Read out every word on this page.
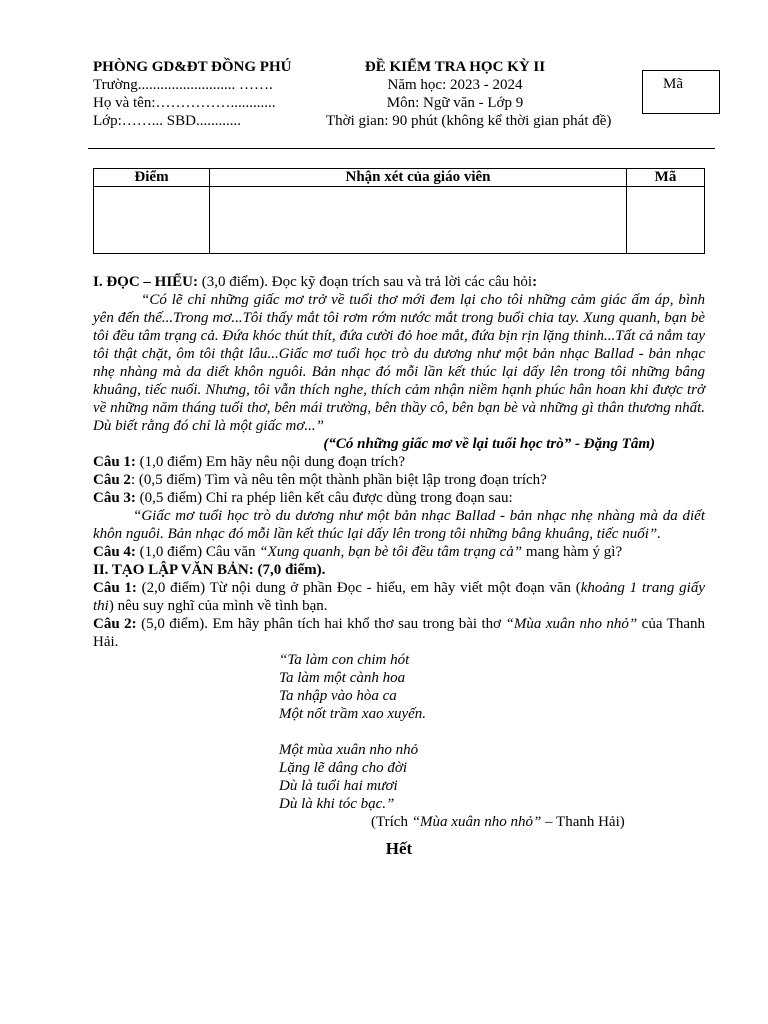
PHÒNG GD&ĐT ĐỒNG PHÚ
Trường.......................... …….
Họ và tên:……………............
Lớp:……... SBD............
ĐỀ KIỂM TRA HỌC KỲ II
Năm học: 2023 - 2024
Môn: Ngữ văn - Lớp 9
Thời gian: 90 phút (không kể thời gian phát đề)
Mã
Điểm	Nhận xét của giáo viên	Mã

I. ĐỌC – HIỂU: (3,0 điểm). Đọc kỹ đoạn trích sau và trả lời các câu hỏi:

“Có lẽ chỉ những giấc mơ trở về tuổi thơ mới đem lại cho tôi những cảm giác ấm áp, bình yên đến thế...Trong mơ...Tôi thấy mắt tôi rơm rớm nước mắt trong buổi chia tay. Xung quanh, bạn bè tôi đều tâm trạng cả. Đứa khóc thút thít, đứa cười đỏ hoe mắt, đứa bịn rịn lặng thinh...Tất cả nắm tay tôi thật chặt, ôm tôi thật lâu...Giấc mơ tuổi học trò du dương như một bản nhạc Ballad - bản nhạc nhẹ nhàng mà da diết khôn nguôi. Bản nhạc đó mỗi lần kết thúc lại dấy lên trong tôi những bâng khuâng, tiếc nuối. Nhưng, tôi vẫn thích nghe, thích cảm nhận niềm hạnh phúc hân hoan khi được trở về những năm tháng tuổi thơ, bên mái trường, bên thầy cô, bên bạn bè và những gì thân thương nhất. Dù biết rằng đó chỉ là một giấc mơ...”

(“Có những giấc mơ về lại tuổi học trò” - Đặng Tâm)

Câu 1: (1,0 điểm) Em hãy nêu nội dung đoạn trích?

Câu 2: (0,5 điểm) Tìm và nêu tên một thành phần biệt lập trong đoạn trích?

Câu 3: (0,5 điểm) Chỉ ra phép liên kết câu được dùng trong đoạn sau:

“Giấc mơ tuổi học trò du dương như một bản nhạc Ballad - bản nhạc nhẹ nhàng mà da diết khôn nguôi. Bản nhạc đó mỗi lần kết thúc lại dấy lên trong tôi những bâng khuâng, tiếc nuối”.

Câu 4: (1,0 điểm) Câu văn “Xung quanh, bạn bè tôi đều tâm trạng cả” mang hàm ý gì?

II. TẠO LẬP VĂN BẢN: (7,0 điểm).

Câu 1: (2,0 điểm) Từ nội dung ở phần Đọc - hiểu, em hãy viết một đoạn văn (khoảng 1 trang giấy thi) nêu suy nghĩ của mình về tình bạn.

Câu 2: (5,0 điểm). Em hãy phân tích hai khổ thơ sau trong bài thơ “Mùa xuân nho nhỏ” của Thanh Hải.

“Ta làm con chim hót
Ta làm một cành hoa
Ta nhập vào hòa ca
Một nốt trầm xao xuyến.
Một mùa xuân nho nhỏ
Lặng lẽ dâng cho đời
Dù là tuổi hai mươi
Dù là khi tóc bạc.”

(Trích “Mùa xuân nho nhỏ” – Thanh Hải)

Hết
